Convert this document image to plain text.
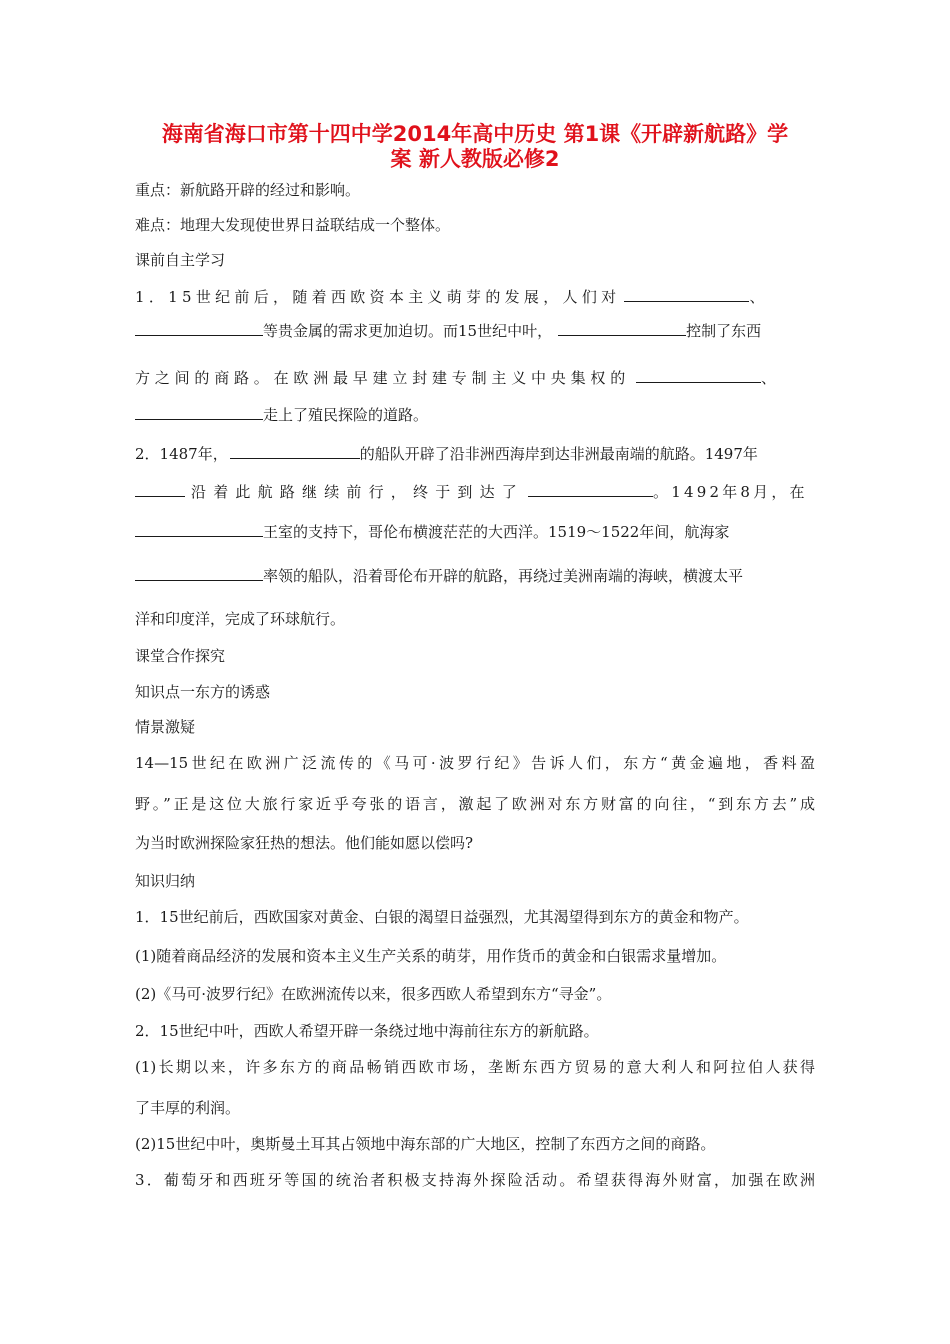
海南省海口市第十四中学2014年高中历史 第1课《开辟新航路》学
案 新人教版必修2
重点：新航路开辟的经过和影响。
难点：地理大发现使世界日益联结成一个整体。
课前自主学习
1．15世纪前后，随着西欧资本主义萌芽的发展，人们对	、
等贵金属的需求更加迫切。而15世纪中叶，	控制了东西
方之间的商路。在欧洲最早建立封建专制主义中央集权的	、
走上了殖民探险的道路。
2．1487年，	的船队开辟了沿非洲西海岸到达非洲最南端的航路。1497年
沿着此航路继续前行，终于到达了	。1492年8月，在
王室的支持下，哥伦布横渡茫茫的大西洋。1519～1522年间，航海家
率领的船队，沿着哥伦布开辟的航路，再绕过美洲南端的海峡，横渡太平
洋和印度洋，完成了环球航行。
课堂合作探究
知识点一东方的诱惑
情景激疑
14—15世纪在欧洲广泛流传的《马可·波罗行纪》告诉人们，东方“黄金遍地，香料盈
野。”正是这位大旅行家近乎夸张的语言，激起了欧洲对东方财富的向往，“到东方去”成
为当时欧洲探险家狂热的想法。他们能如愿以偿吗?
知识归纳
1．15世纪前后，西欧国家对黄金、白银的渴望日益强烈，尤其渴望得到东方的黄金和物产。
(1)随着商品经济的发展和资本主义生产关系的萌芽，用作货币的黄金和白银需求量增加。
(2)《马可·波罗行纪》在欧洲流传以来，很多西欧人希望到东方“寻金”。
2．15世纪中叶，西欧人希望开辟一条绕过地中海前往东方的新航路。
(1)长期以来，许多东方的商品畅销西欧市场，垄断东西方贸易的意大利人和阿拉伯人获得
了丰厚的利润。
(2)15世纪中叶，奥斯曼土耳其占领地中海东部的广大地区，控制了东西方之间的商路。
3．葡萄牙和西班牙等国的统治者积极支持海外探险活动。希望获得海外财富，加强在欧洲
